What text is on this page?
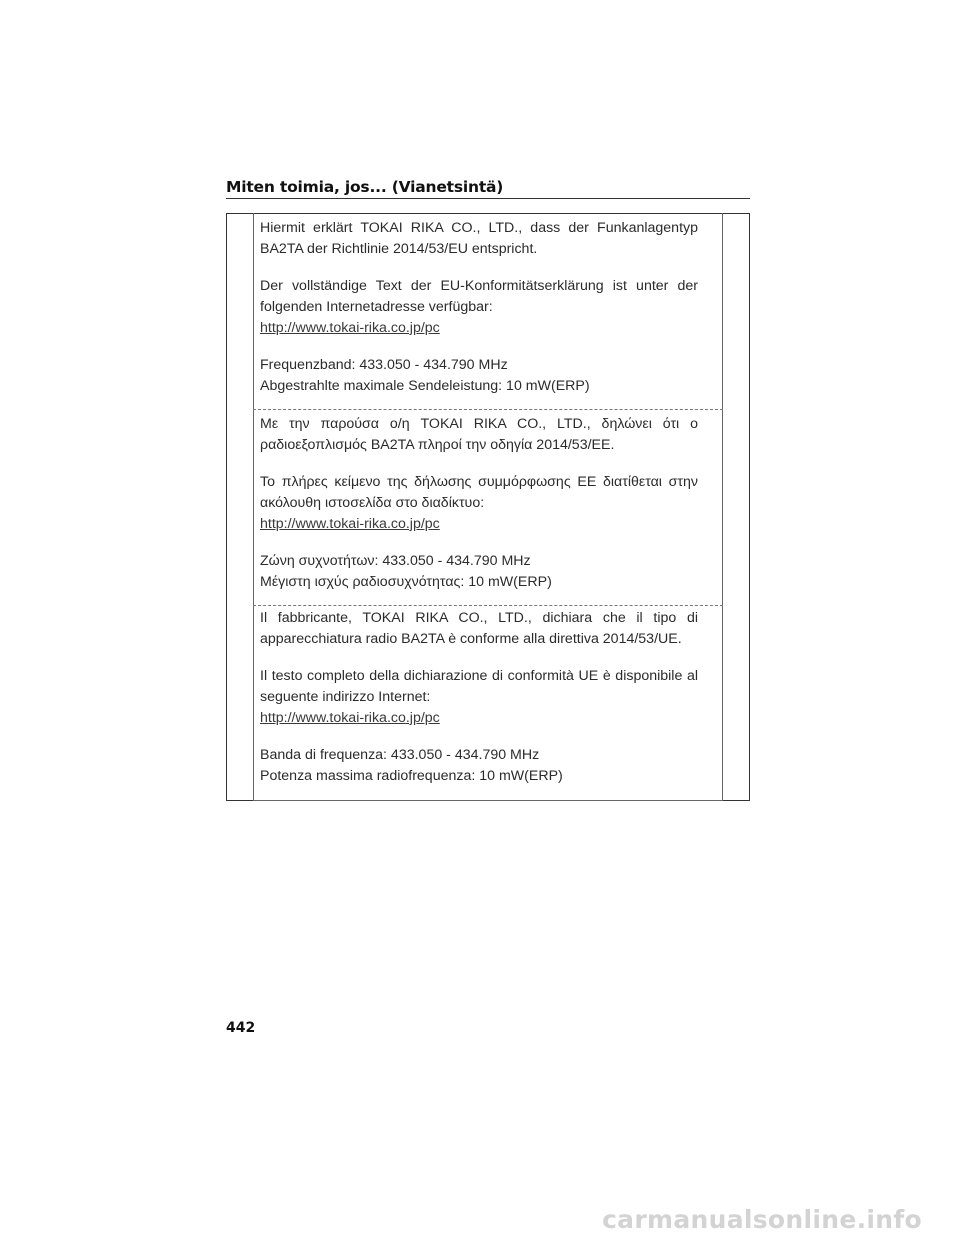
Miten toimia, jos... (Vianetsintä)

Hiermit erklärt TOKAI RIKA CO., LTD., dass der Funkanlagentyp BA2TA der Richtlinie 2014/53/EU entspricht.

Der vollständige Text der EU-Konformitätserklärung ist unter der folgenden Internetadresse verfügbar:

http://www.tokai-rika.co.jp/pc

Frequenzband: 433.050 - 434.790 MHz

Abgestrahlte maximale Sendeleistung: 10 mW(ERP)

Με την παρούσα ο/η TOKAI RIKA CO., LTD., δηλώνει ότι ο ραδιοεξοπλισμός BA2TA πληροί την οδηγία 2014/53/ΕΕ.

Το πλήρες κείμενο της δήλωσης συμμόρφωσης ΕΕ διατίθεται στην ακόλουθη ιστοσελίδα στο διαδίκτυο:

http://www.tokai-rika.co.jp/pc

Ζώνη συχνοτήτων: 433.050 - 434.790 MHz

Μέγιστη ισχύς ραδιοσυχνότητας: 10 mW(ERP)

Il fabbricante, TOKAI RIKA CO., LTD., dichiara che il tipo di apparecchiatura radio BA2TA è conforme alla direttiva 2014/53/UE.

Il testo completo della dichiarazione di conformità UE è disponibile al seguente indirizzo Internet:

http://www.tokai-rika.co.jp/pc

Banda di frequenza: 433.050 - 434.790 MHz

Potenza massima radiofrequenza: 10 mW(ERP)

442
carmanualsonline.info
